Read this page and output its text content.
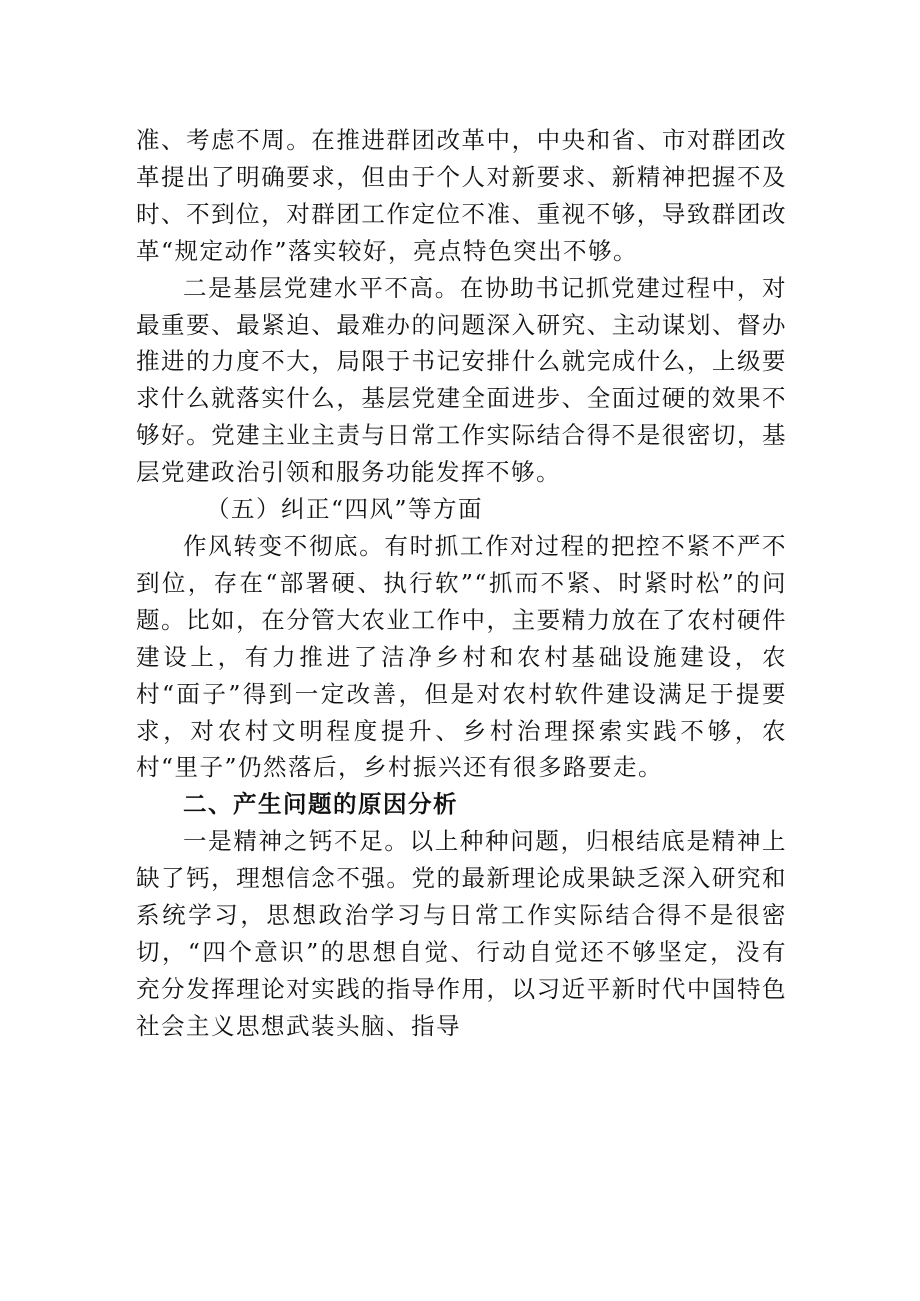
准、考虑不周。在推进群团改革中，中央和省、市对群团改革提出了明确要求，但由于个人对新要求、新精神把握不及时、不到位，对群团工作定位不准、重视不够，导致群团改革“规定动作”落实较好，亮点特色突出不够。

二是基层党建水平不高。在协助书记抓党建过程中，对最重要、最紧迫、最难办的问题深入研究、主动谋划、督办推进的力度不大，局限于书记安排什么就完成什么，上级要求什么就落实什么，基层党建全面进步、全面过硬的效果不够好。党建主业主责与日常工作实际结合得不是很密切，基层党建政治引领和服务功能发挥不够。

（五）纠正“四风”等方面

作风转变不彻底。有时抓工作对过程的把控不紧不严不到位，存在“部署硬、执行软”“抓而不紧、时紧时松”的问题。比如，在分管大农业工作中，主要精力放在了农村硬件建设上，有力推进了洁净乡村和农村基础设施建设，农村“面子”得到一定改善，但是对农村软件建设满足于提要求，对农村文明程度提升、乡村治理探索实践不够，农村“里子”仍然落后，乡村振兴还有很多路要走。

二、产生问题的原因分析

一是精神之钙不足。以上种种问题，归根结底是精神上缺了钙，理想信念不强。党的最新理论成果缺乏深入研究和系统学习，思想政治学习与日常工作实际结合得不是很密切，“四个意识”的思想自觉、行动自觉还不够坚定，没有充分发挥理论对实践的指导作用，以习近平新时代中国特色社会主义思想武装头脑、指导
